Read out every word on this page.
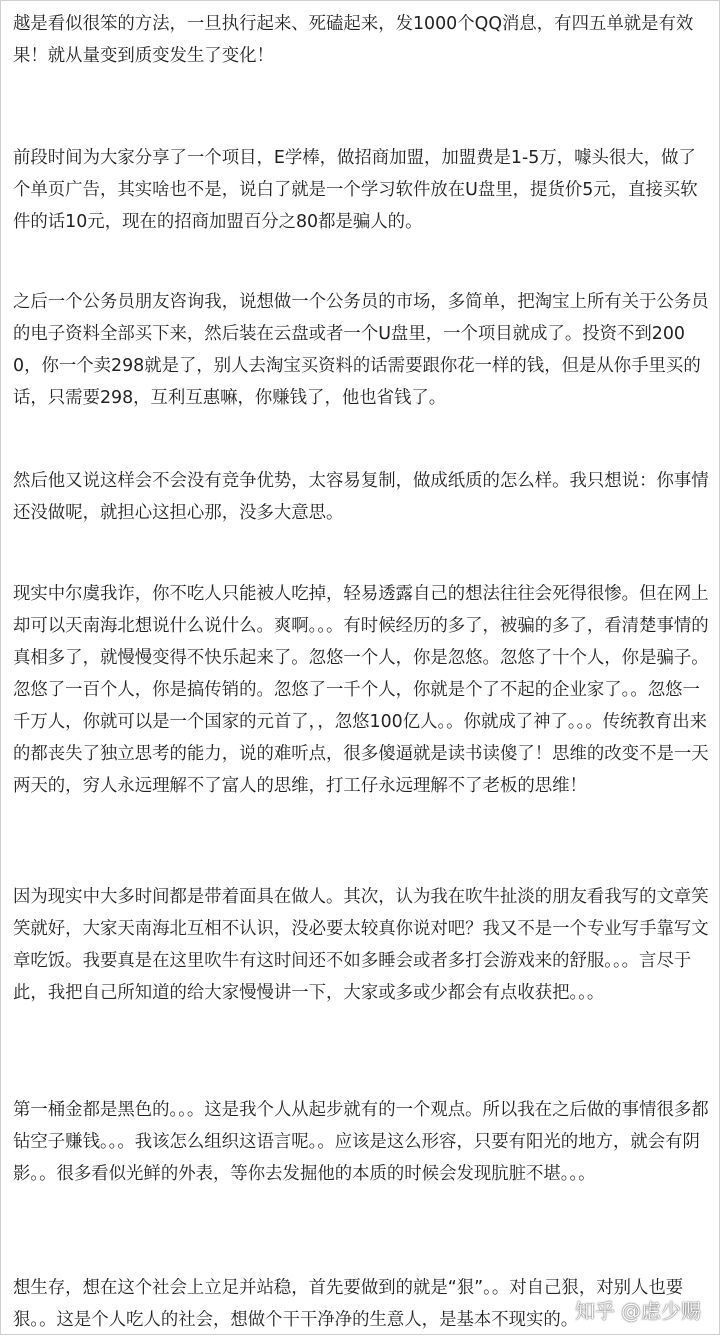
越是看似很笨的方法，一旦执行起来、死磕起来，发1000个QQ消息，有四五单就是有效果！就从量变到质变发生了变化！

前段时间为大家分享了一个项目，E学棒，做招商加盟，加盟费是1-5万，噱头很大，做了个单页广告，其实啥也不是，说白了就是一个学习软件放在U盘里，提货价5元，直接买软件的话10元，现在的招商加盟百分之80都是骗人的。

之后一个公务员朋友咨询我，说想做一个公务员的市场，多简单，把淘宝上所有关于公务员的电子资料全部买下来，然后装在云盘或者一个U盘里，一个项目就成了。投资不到2000，你一个卖298就是了，别人去淘宝买资料的话需要跟你花一样的钱，但是从你手里买的话，只需要298，互利互惠嘛，你赚钱了，他也省钱了。

然后他又说这样会不会没有竞争优势，太容易复制，做成纸质的怎么样。我只想说：你事情还没做呢，就担心这担心那，没多大意思。

现实中尔虞我诈，你不吃人只能被人吃掉，轻易透露自己的想法往往会死得很惨。但在网上却可以天南海北想说什么说什么。爽啊。。。有时候经历的多了，被骗的多了，看清楚事情的真相多了，就慢慢变得不快乐起来了。忽悠一个人，你是忽悠。忽悠了十个人，你是骗子。忽悠了一百个人，你是搞传销的。忽悠了一千个人，你就是个了不起的企业家了。。忽悠一千万人，你就可以是一个国家的元首了，，忽悠100亿人。。你就成了神了。。。传统教育出来的都丧失了独立思考的能力，说的难听点，很多傻逼就是读书读傻了！思维的改变不是一天两天的，穷人永远理解不了富人的思维，打工仔永远理解不了老板的思维！

因为现实中大多时间都是带着面具在做人。其次，认为我在吹牛扯淡的朋友看我写的文章笑笑就好，大家天南海北互相不认识，没必要太较真你说对吧？我又不是一个专业写手靠写文章吃饭。我要真是在这里吹牛有这时间还不如多睡会或者多打会游戏来的舒服。。。言尽于此，我把自己所知道的给大家慢慢讲一下，大家或多或少都会有点收获把。。。

第一桶金都是黑色的。。。这是我个人从起步就有的一个观点。所以我在之后做的事情很多都钻空子赚钱。。。我该怎么组织这语言呢。。应该是这么形容，只要有阳光的地方，就会有阴影。。很多看似光鲜的外表，等你去发掘他的本质的时候会发现肮脏不堪。。。

想生存，想在这个社会上立足并站稳，首先要做到的就是“狠”。。对自己狠，对别人也要狠。。这是个人吃人的社会，想做个干干净净的生意人，是基本不现实的。

知乎 @虑少赐
